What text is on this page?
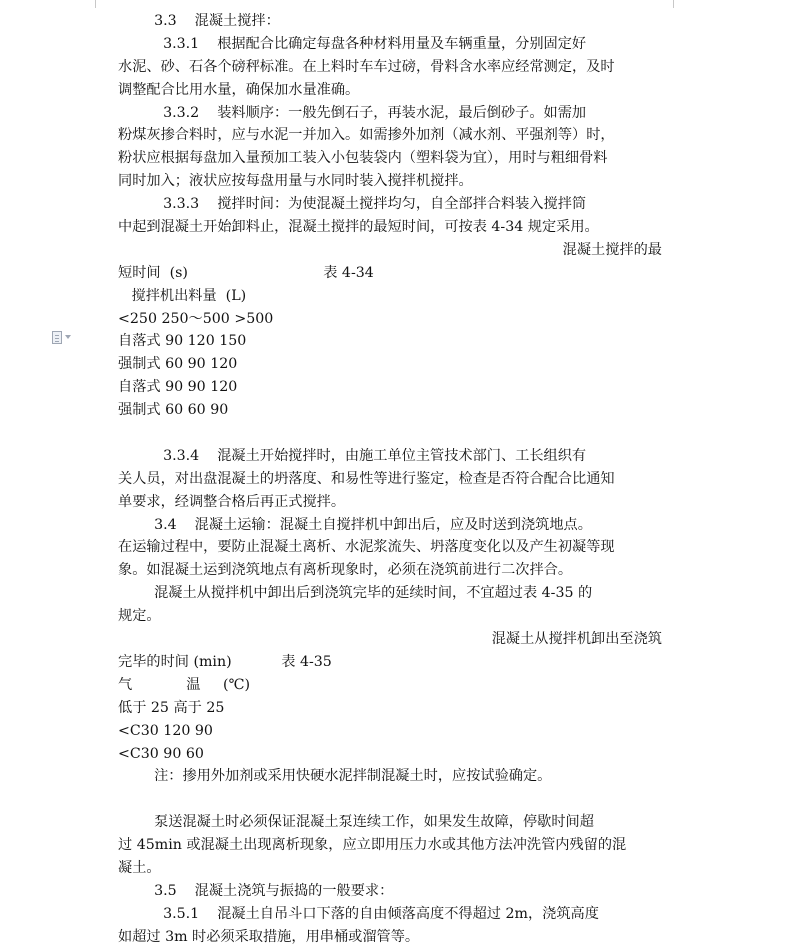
3.3    混凝土搅拌：
3.3.1    根据配合比确定每盘各种材料用量及车辆重量，分别固定好
水泥、砂、石各个磅秤标准。在上料时车车过磅，骨料含水率应经常测定，及时
调整配合比用水量，确保加水量准确。
3.3.2    装料顺序：一般先倒石子，再装水泥，最后倒砂子。如需加
粉煤灰掺合料时，应与水泥一并加入。如需掺外加剂（减水剂、平强剂等）时，
粉状应根据每盘加入量预加工装入小包装袋内（塑料袋为宜），用时与粗细骨料
同时加入；液状应按每盘用量与水同时装入搅拌机搅拌。
3.3.3    搅拌时间：为使混凝土搅拌均匀，自全部拌合料装入搅拌筒
中起到混凝土开始卸料止，混凝土搅拌的最短时间，可按表 4-34 规定采用。
混凝土搅拌的最
短时间  (s)                              表 4-34
搅拌机出料量  (L)
<250 250～500 >500
自落式 90 120 150
强制式 60 90 120
自落式 90 90 120
强制式 60 60 90
3.3.4    混凝土开始搅拌时，由施工单位主管技术部门、工长组织有
关人员，对出盘混凝土的坍落度、和易性等进行鉴定，检查是否符合配合比通知
单要求，经调整合格后再正式搅拌。
3.4    混凝土运输：混凝土自搅拌机中卸出后，应及时送到浇筑地点。
在运输过程中，要防止混凝土离析、水泥浆流失、坍落度变化以及产生初凝等现
象。如混凝土运到浇筑地点有离析现象时，必须在浇筑前进行二次拌合。
混凝土从搅拌机中卸出后到浇筑完毕的延续时间，不宜超过表 4-35 的
规定。
混凝土从搅拌机卸出至浇筑
完毕的时间 (min)           表 4-35
气            温     (℃)
低于 25 高于 25
<C30 120 90
<C30 90 60
注：掺用外加剂或采用快硬水泥拌制混凝土时，应按试验确定。
泵送混凝土时必须保证混凝土泵连续工作，如果发生故障，停歇时间超
过 45min 或混凝土出现离析现象，应立即用压力水或其他方法冲洗管内残留的混
凝土。
3.5    混凝土浇筑与振捣的一般要求：
3.5.1    混凝土自吊斗口下落的自由倾落高度不得超过 2m，浇筑高度
如超过 3m 时必须采取措施，用串桶或溜管等。
